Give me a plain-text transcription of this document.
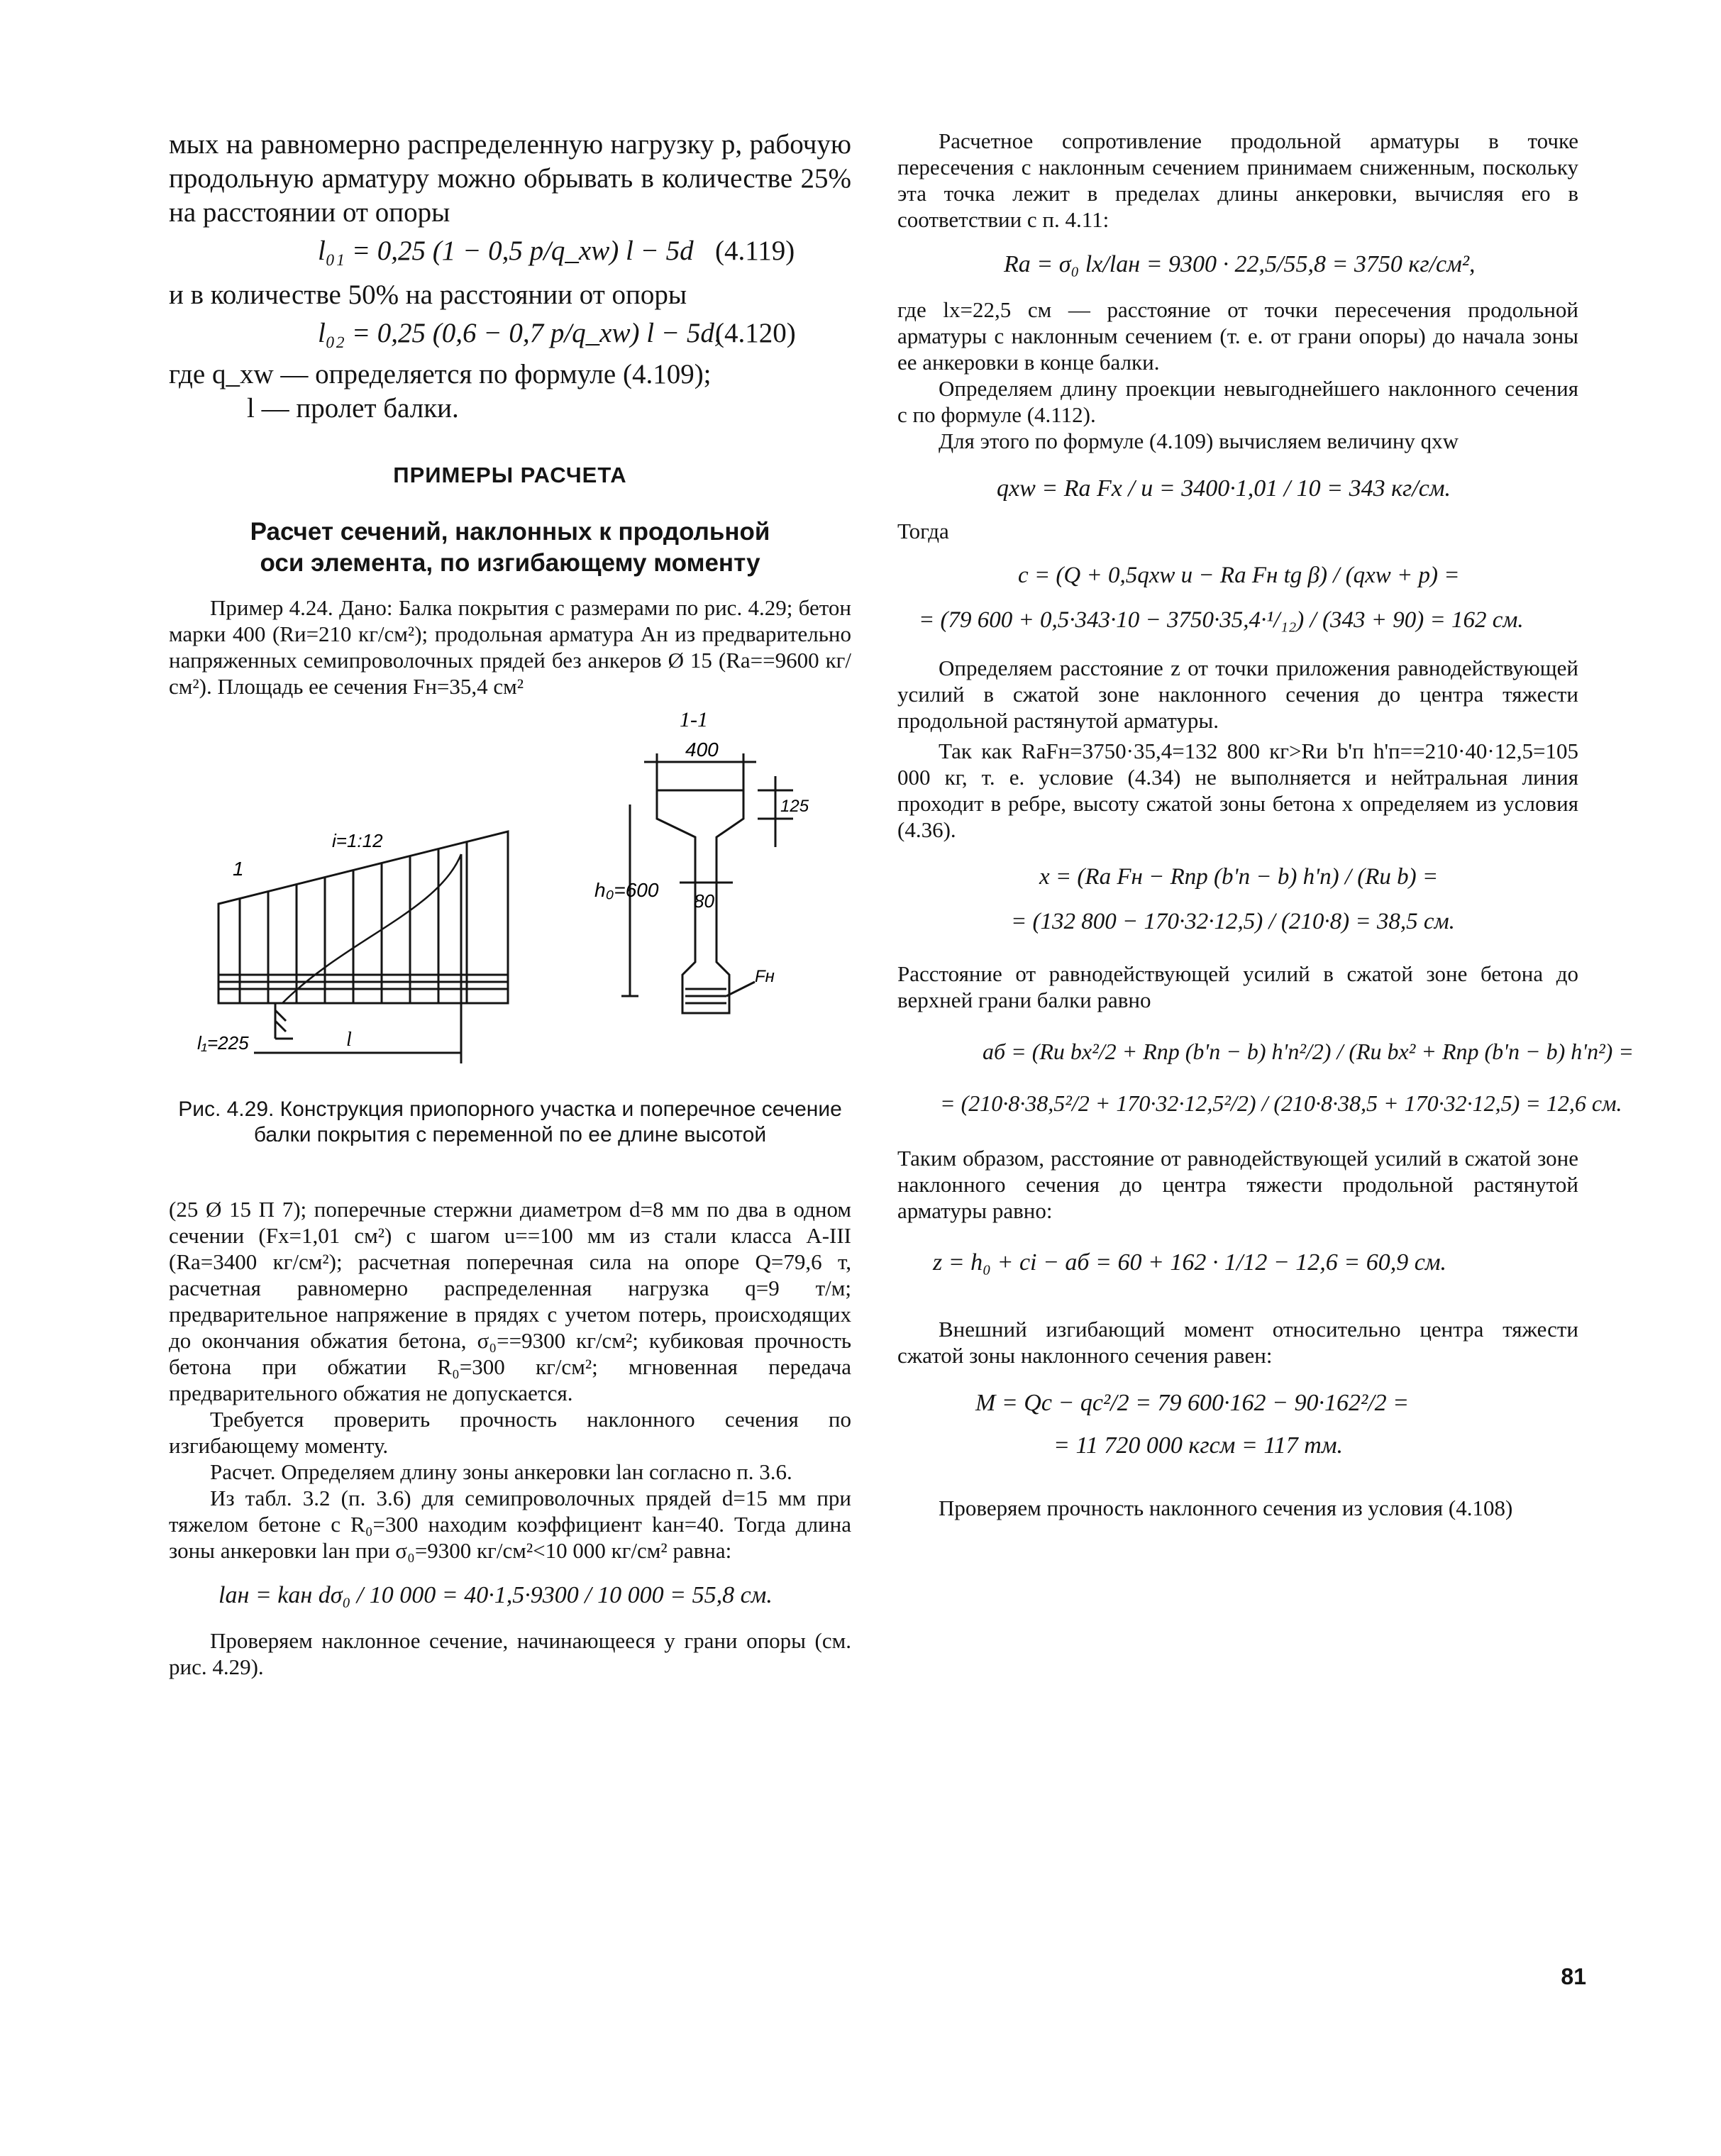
мых на равномерно распределенную нагрузку p, рабочую продольную арматуру можно обрывать в количестве 25% на расстоянии от опоры

l₀₁ = 0,25 (1 − 0,5 p/q_xw) l − 5d (4.119)

и в количестве 50% на расстоянии от опоры

l₀₂ = 0,25 (0,6 − 0,7 p/q_xw) l − 5d,
(4.120)

где q_xw — определяется по формуле (4.109);

l — пролет балки.

ПРИМЕРЫ РАСЧЕТА

Расчет сечений, наклонных к продольной оси элемента, по изгибающему моменту

Пример 4.24. Дано: Балка покрытия с размерами по рис. 4.29; бетон марки 400 (Rи=210 кг/см²); продольная арматура Aн из предварительно напряженных семипроволочных прядей без анкеров Ø 15 (Rа==9600 кг/см²). Площадь ее сечения Fн=35,4 см²

1-1
400
125
h₀=600 80
Fн
i=1:12
1
l₁=225	l

Рис. 4.29. Конструкция приопорного участка и поперечное сечение балки покрытия с переменной по ее длине высотой

(25 Ø 15 П 7); поперечные стержни диаметром d=8 мм по два в одном сечении (Fх=1,01 см²) с шагом u==100 мм из стали класса А-III (Rа=3400 кг/см²); расчетная поперечная сила на опоре Q=79,6 т, расчетная равномерно распределенная нагрузка q=9 т/м; предварительное напряжение в прядях с учетом потерь, происходящих до окончания обжатия бетона, σ₀==9300 кг/см²; кубиковая прочность бетона при обжатии R₀=300 кг/см²; мгновенная передача предварительного обжатия не допускается.

Требуется проверить прочность наклонного сечения по изгибающему моменту.

Расчет. Определяем длину зоны анкеровки lан согласно п. 3.6.

Из табл. 3.2 (п. 3.6) для семипроволочных прядей d=15 мм при тяжелом бетоне с R₀=300 находим коэффициент kан=40. Тогда длина зоны анкеровки lан при σ₀=9300 кг/см²<10 000 кг/см² равна:

lан = kан dσ₀ / 10 000 = 40·1,5·9300 / 10 000 = 55,8 см.

Проверяем наклонное сечение, начинающееся у грани опоры (см. рис. 4.29).

Расчетное сопротивление продольной арматуры в точке пересечения с наклонным сечением принимаем сниженным, поскольку эта точка лежит в пределах длины анкеровки, вычисляя его в соответствии с п. 4.11:

Rа = σ₀ lx/lан = 9300 · 22,5/55,8 = 3750 кг/см²,

где lх=22,5 см — расстояние от точки пересечения продольной арматуры с наклонным сечением (т. е. от грани опоры) до начала зоны ее анкеровки в конце балки.

Определяем длину проекции невыгоднейшего наклонного сечения c по формуле (4.112).

Для этого по формуле (4.109) вычисляем величину qxw

qxw = Rа Fх / u = 3400·1,01 / 10 = 343 кг/см.

Тогда

c = (Q + 0,5qxw u − Rа Fн tg β) / (qxw + p) =

= (79 600 + 0,5·343·10 − 3750·35,4·¹/₁₂) / (343 + 90) = 162 см.

Определяем расстояние z от точки приложения равнодействующей усилий в сжатой зоне наклонного сечения до центра тяжести продольной растянутой арматуры.

Так как RаFн=3750·35,4=132 800 кг>Rи b'п h'п==210·40·12,5=105 000 кг, т. е. условие (4.34) не выполняется и нейтральная линия проходит в ребре, высоту сжатой зоны бетона x определяем из условия (4.36).

x = (Rа Fн − Rпр (b'п − b) h'п) / (Rи b) =

= (132 800 − 170·32·12,5) / (210·8) = 38,5 см.

Расстояние от равнодействующей усилий в сжатой зоне бетона до верхней грани балки равно

aб = (Rи bx²/2 + Rпр (b'п − b) h'п²/2) / (Rи bx² + Rпр (b'п − b) h'п²) =

= (210·8·38,5²/2 + 170·32·12,5²/2) / (210·8·38,5 + 170·32·12,5) = 12,6 см.

Таким образом, расстояние от равнодействующей усилий в сжатой зоне наклонного сечения до центра тяжести продольной растянутой арматуры равно:

z = h₀ + ci − aб = 60 + 162 · 1/12 − 12,6 = 60,9 см.

Внешний изгибающий момент относительно центра тяжести сжатой зоны наклонного сечения равен:

M = Qc − qc²/2 = 79 600·162 − 90·162²/2 =

= 11 720 000 кгсм = 117 тм.

Проверяем прочность наклонного сечения из условия (4.108)

81
